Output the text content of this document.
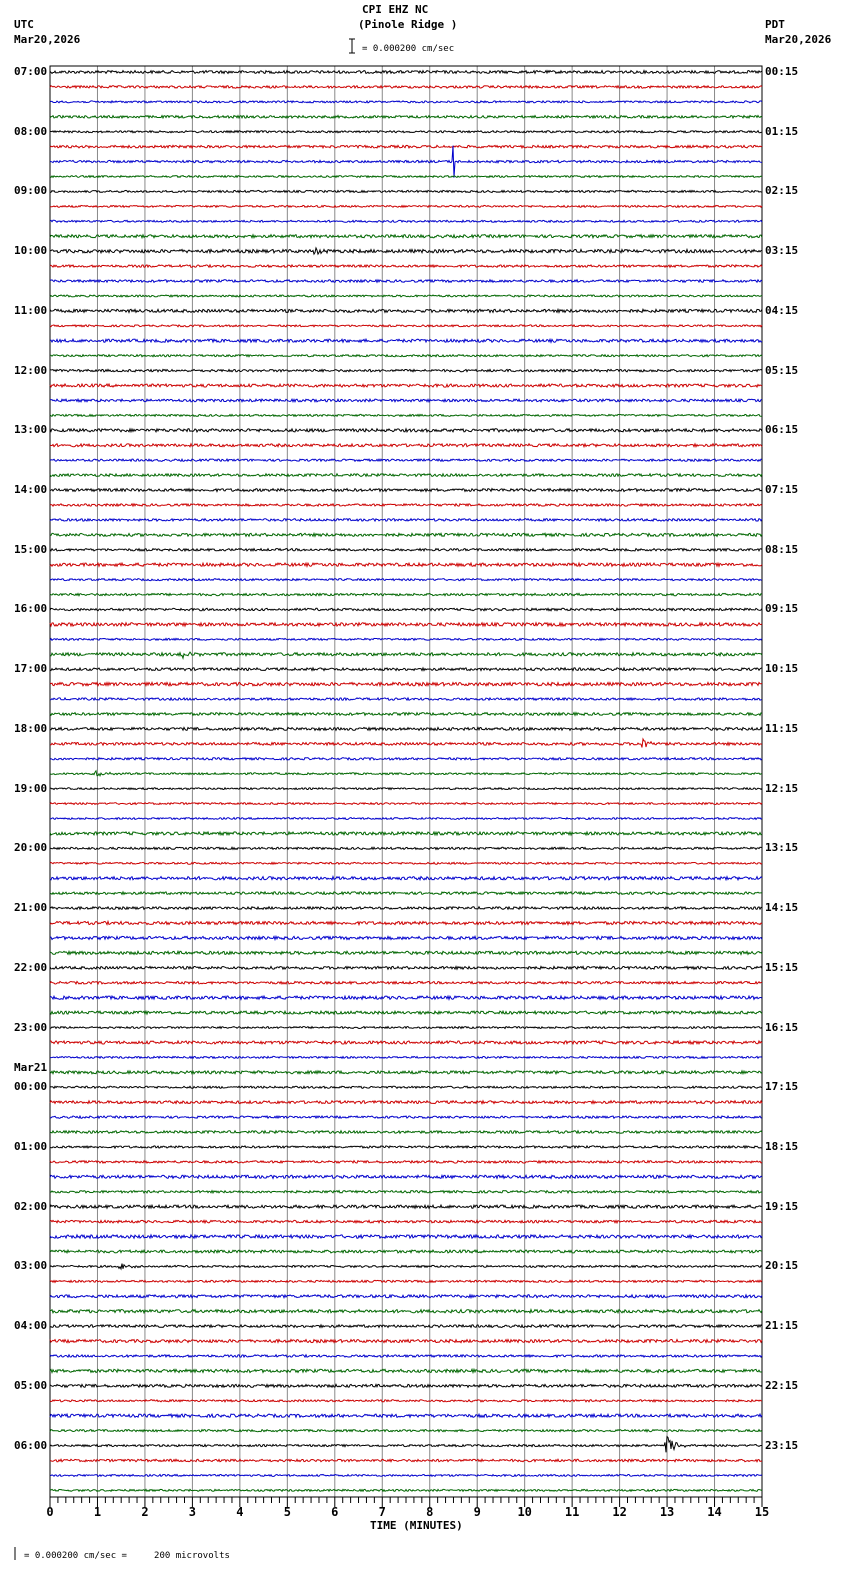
CPI EHZ NC
(Pinole Ridge )
UTC
Mar20,2026
PDT
Mar20,2026
= 0.000200 cm/sec
= 0.000200 cm/sec =     200 microvolts
TIME (MINUTES)
Mar21
0	1	2	3	4	5	6	7	8	9	10	11	12	13	14	15
07:00
08:00
09:00
10:00
11:00
12:00
13:00
14:00
15:00
16:00
17:00
18:00
19:00
20:00
21:00
22:00
23:00
00:00
01:00
02:00
03:00
04:00
05:00
06:00
00:15
01:15
02:15
03:15
04:15
05:15
06:15
07:15
08:15
09:15
10:15
11:15
12:15
13:15
14:15
15:15
16:15
17:15
18:15
19:15
20:15
21:15
22:15
23:15
